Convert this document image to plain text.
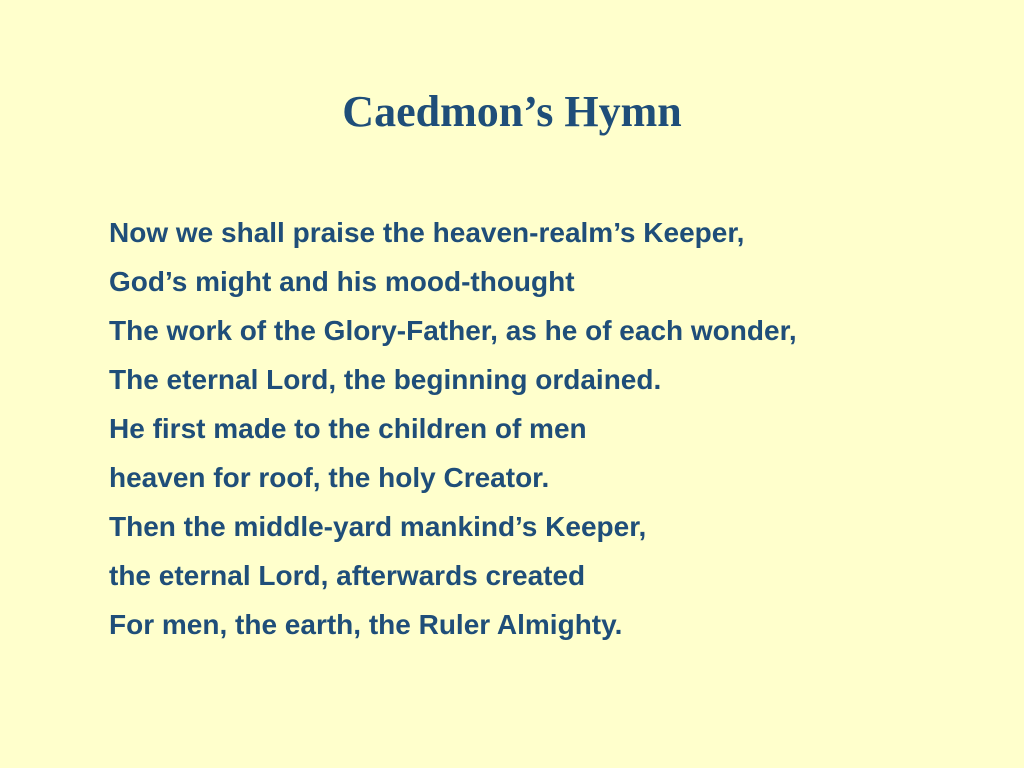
Caedmon’s Hymn
Now we shall praise the heaven-realm’s Keeper,
God’s might and his mood-thought
The work of the Glory-Father, as he of each wonder,
The eternal Lord, the beginning ordained.
He first made to the children of men
heaven for roof, the holy Creator.
Then the middle-yard mankind’s Keeper,
the eternal Lord, afterwards created
For men, the earth, the Ruler Almighty.
